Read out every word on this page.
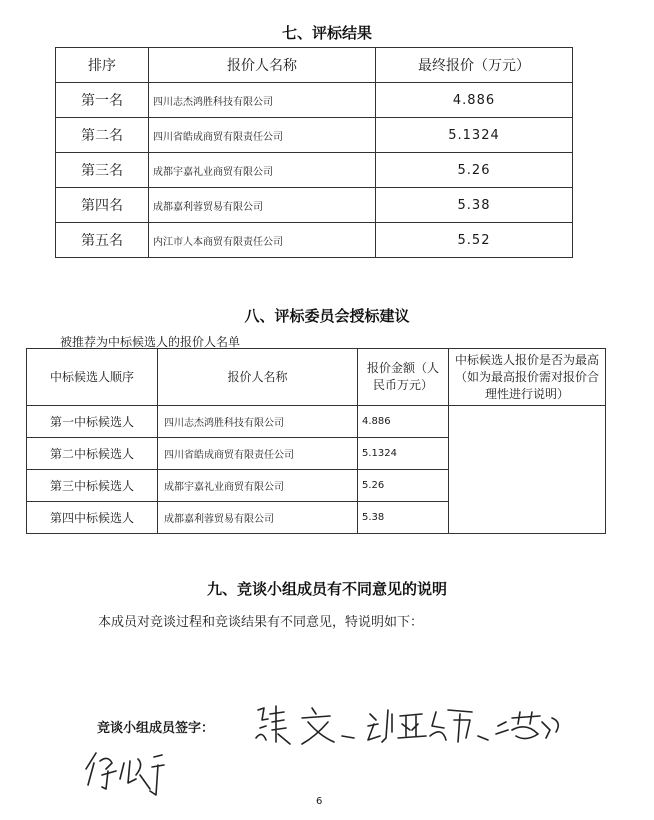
七、评标结果
排序	报价人名称	最终报价（万元）
第一名	四川志杰鸿胜科技有限公司	4.886
第二名	四川省皓成商贸有限责任公司	5.1324
第三名	成都宇嘉礼业商贸有限公司	5.26
第四名	成都嘉利蓉贸易有限公司	5.38
第五名	内江市人本商贸有限责任公司	5.52
八、评标委员会授标建议
被推荐为中标候选人的报价人名单
中标候选人顺序	报价人名称	报价金额（人民币万元）	中标候选人报价是否为最高（如为最高报价需对报价合理性进行说明）
第一中标候选人	四川志杰鸿胜科技有限公司	4.886	
第二中标候选人	四川省皓成商贸有限责任公司	5.1324	
第三中标候选人	成都宇嘉礼业商贸有限公司	5.26	
第四中标候选人	成都嘉利蓉贸易有限公司	5.38	
九、竞谈小组成员有不同意见的说明
本成员对竞谈过程和竞谈结果有不同意见，特说明如下：
竞谈小组成员签字：
6
